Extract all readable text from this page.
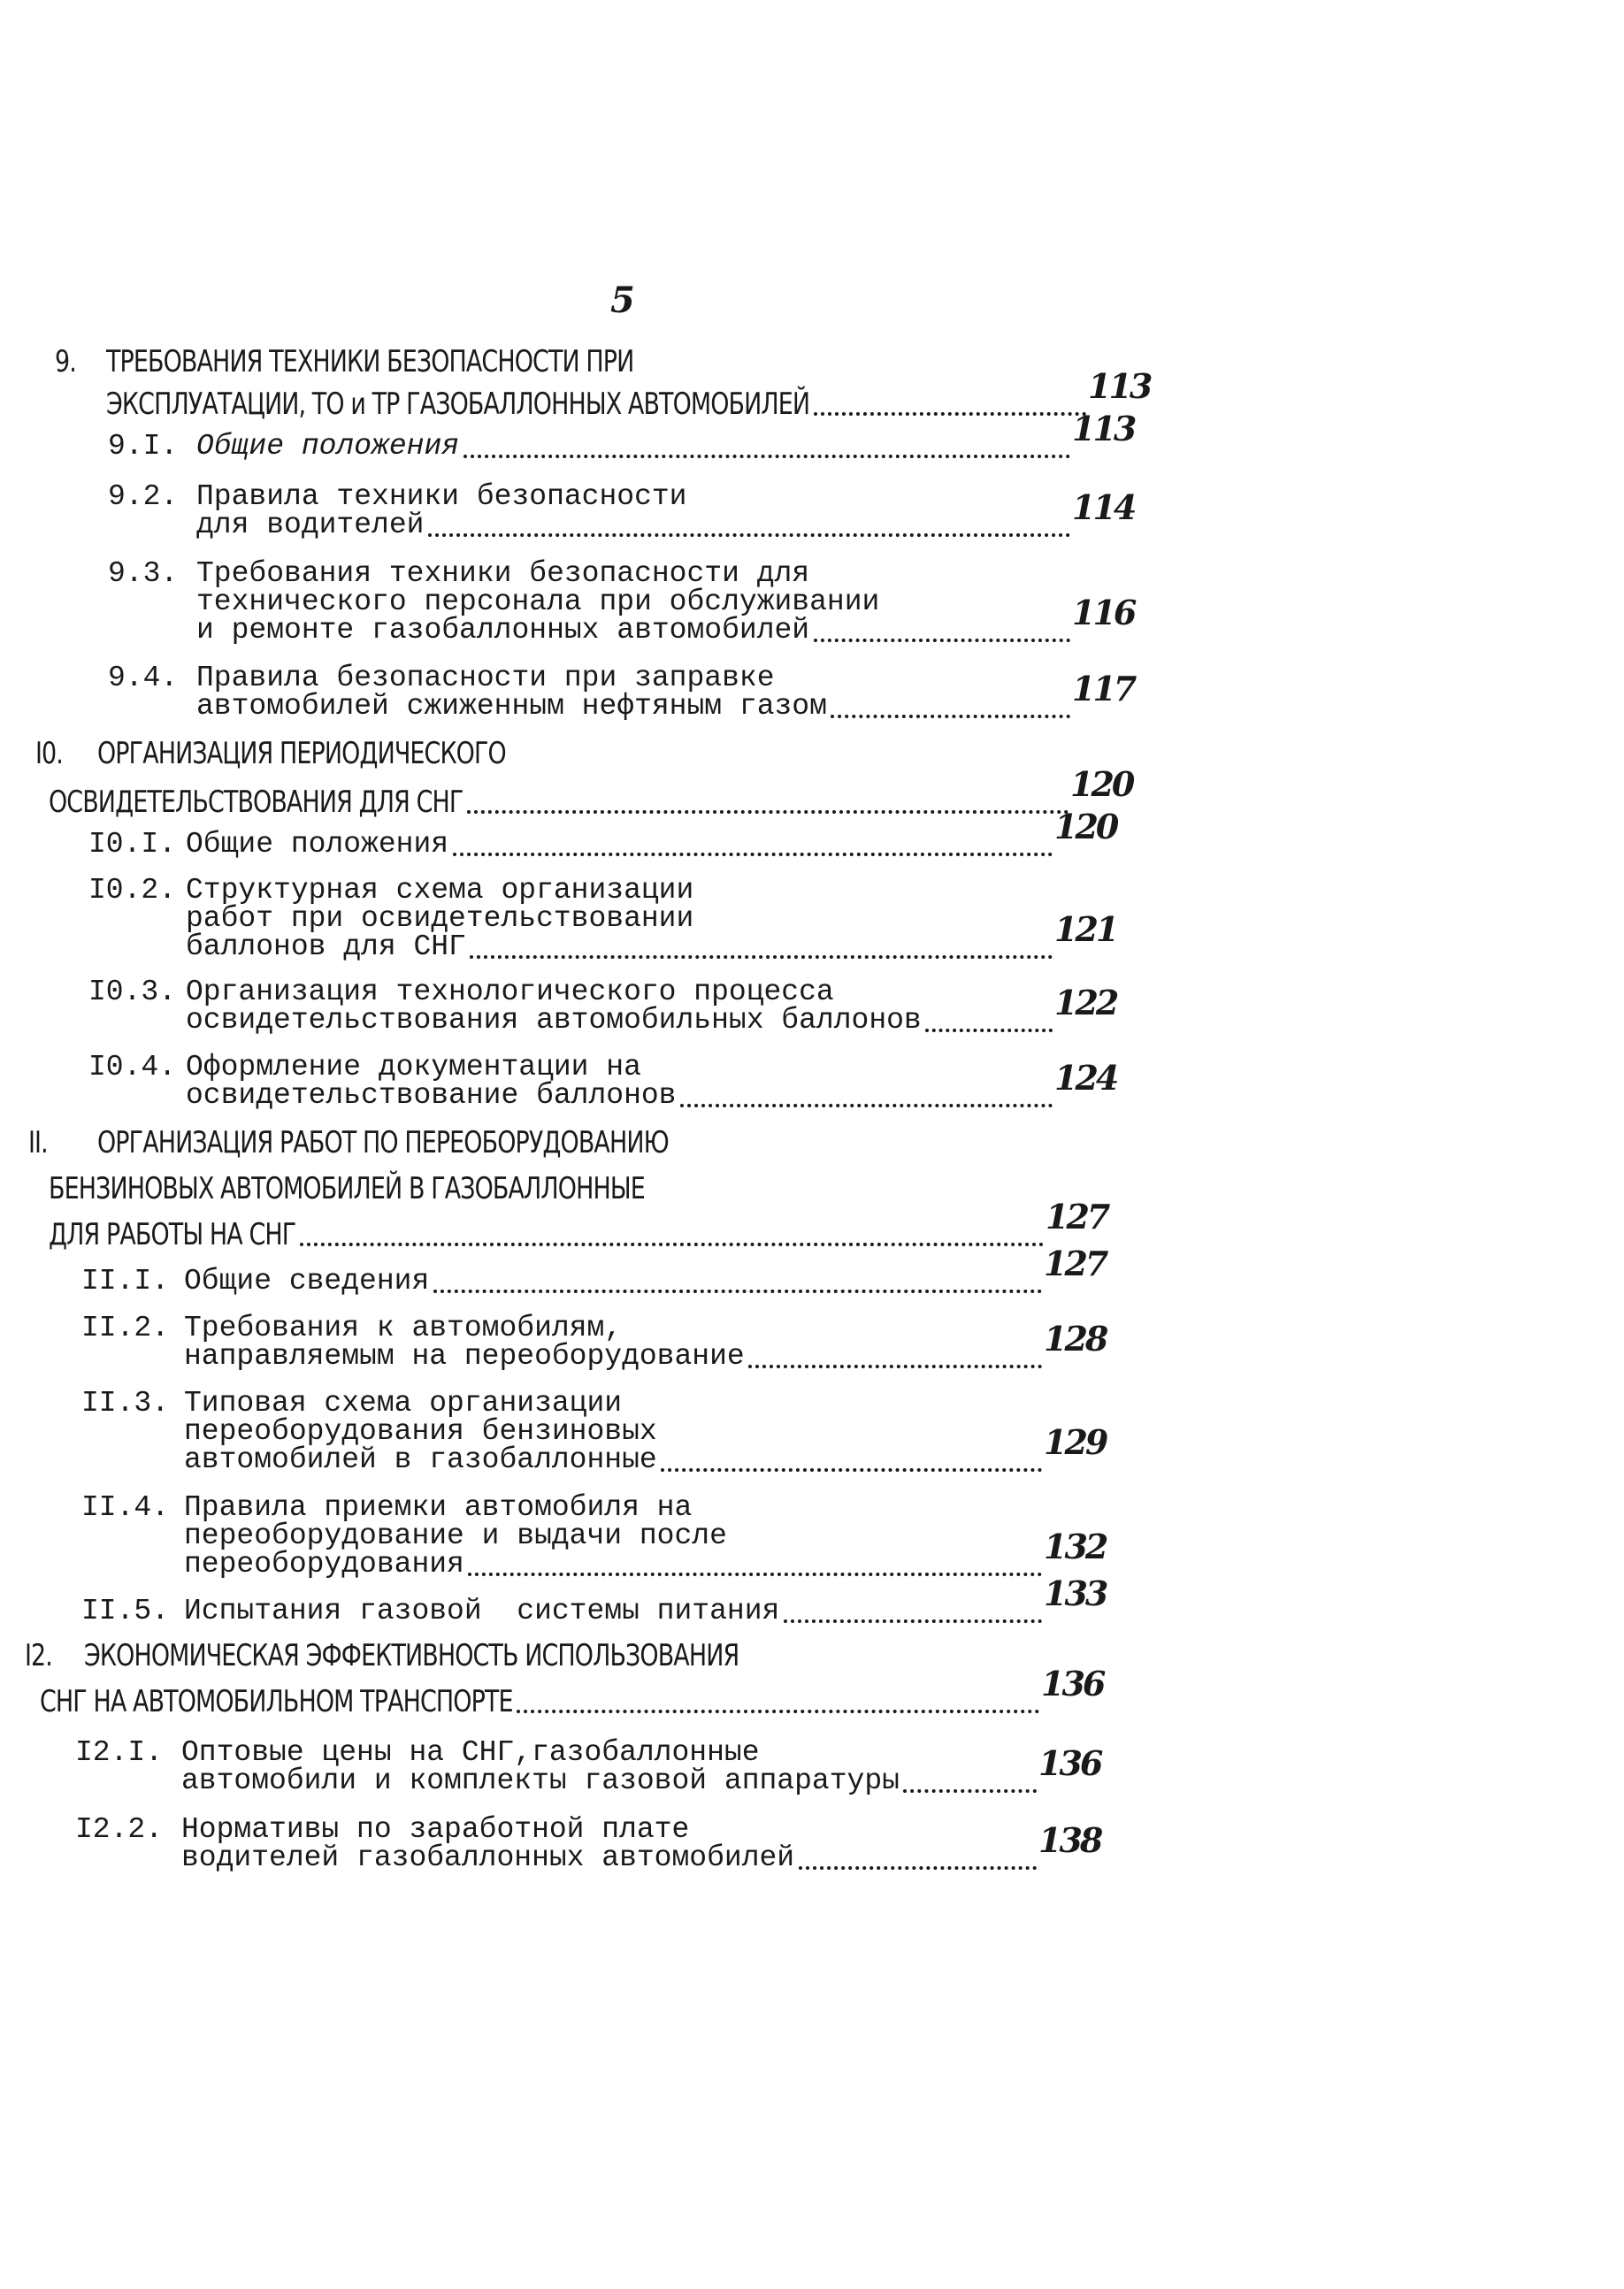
5
9. ТРЕБОВАНИЯ ТЕХНИКИ БЕЗОПАСНОСТИ ПРИ
ЭКСПЛУАТАЦИИ, ТО и ТР ГАЗОБАЛЛОННЫХ АВТОМОБИЛЕЙ	113
9.I. Общие положения	113
9.2. Правила техники безопасности
для водителей	114
9.3. Требования техники безопасности для
технического персонала при обслуживании
и ремонте газобаллонных автомобилей	116
9.4. Правила безопасности при заправке
автомобилей сжиженным нефтяным газом	117
I0. ОРГАНИЗАЦИЯ ПЕРИОДИЧЕСКОГО
ОСВИДЕТЕЛЬСТВОВАНИЯ ДЛЯ СНГ	120
I0.I. Общие положения	120
I0.2. Структурная схема организации
работ при освидетельствовании
баллонов для СНГ	121
I0.3. Организация технологического процесса
освидетельствования автомобильных баллонов	122
I0.4. Оформление документации на
освидетельствование баллонов	124
II. ОРГАНИЗАЦИЯ РАБОТ ПО ПЕРЕОБОРУДОВАНИЮ
БЕНЗИНОВЫХ АВТОМОБИЛЕЙ В ГАЗОБАЛЛОННЫЕ
ДЛЯ РАБОТЫ НА СНГ	127
II.I. Общие сведения	127
II.2. Требования к автомобилям,
направляемым на переоборудование	128
II.3. Типовая схема организации
переоборудования бензиновых
автомобилей в газобаллонные	129
II.4. Правила приемки автомобиля на
переоборудование и выдачи после
переоборудования	132
II.5. Испытания газовой  системы питания	133
I2. ЭКОНОМИЧЕСКАЯ ЭФФЕКТИВНОСТЬ ИСПОЛЬЗОВАНИЯ
СНГ НА АВТОМОБИЛЬНОМ ТРАНСПОРТЕ	136
I2.I. Оптовые цены на СНГ,газобаллонные
автомобили и комплекты газовой аппаратуры	136
I2.2. Нормативы по заработной плате
водителей газобаллонных автомобилей	138
